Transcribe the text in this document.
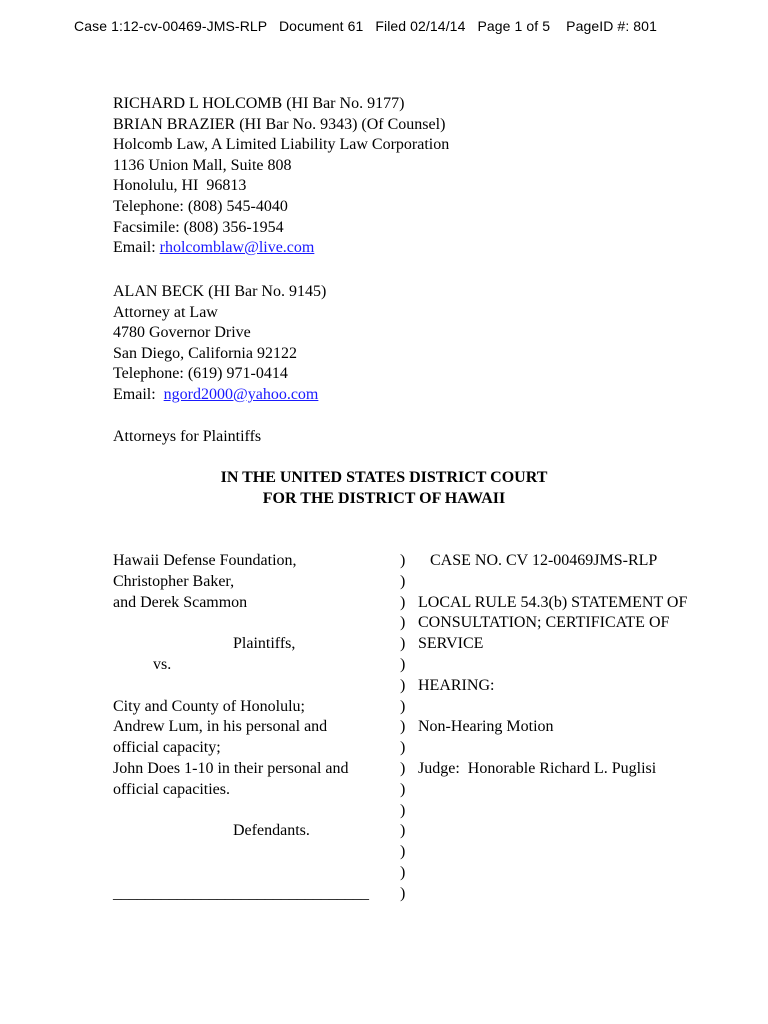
Case 1:12-cv-00469-JMS-RLP Document 61 Filed 02/14/14 Page 1 of 5 PageID #: 801
RICHARD L HOLCOMB (HI Bar No. 9177)
BRIAN BRAZIER (HI Bar No. 9343) (Of Counsel)
Holcomb Law, A Limited Liability Law Corporation
1136 Union Mall, Suite 808
Honolulu, HI  96813
Telephone: (808) 545-4040
Facsimile: (808) 356-1954
Email: rholcomblaw@live.com
ALAN BECK (HI Bar No. 9145)
Attorney at Law
4780 Governor Drive
San Diego, California 92122
Telephone: (619) 971-0414
Email:  ngord2000@yahoo.com
Attorneys for Plaintiffs
IN THE UNITED STATES DISTRICT COURT
FOR THE DISTRICT OF HAWAII
Hawaii Defense Foundation,
Christopher Baker,
and Derek Scammon
Plaintiffs,
vs.
City and County of Honolulu;
Andrew Lum, in his personal and
official capacity;
John Does 1-10 in their personal and
official capacities.
Defendants.
________________________________
)
)
)
)
)
)
)
)
)
)
)
)
)
)
)
)
)
CASE NO. CV 12-00469JMS-RLP
LOCAL RULE 54.3(b) STATEMENT OF
CONSULTATION; CERTIFICATE OF
SERVICE
HEARING:
Non-Hearing Motion
Judge:  Honorable Richard L. Puglisi
